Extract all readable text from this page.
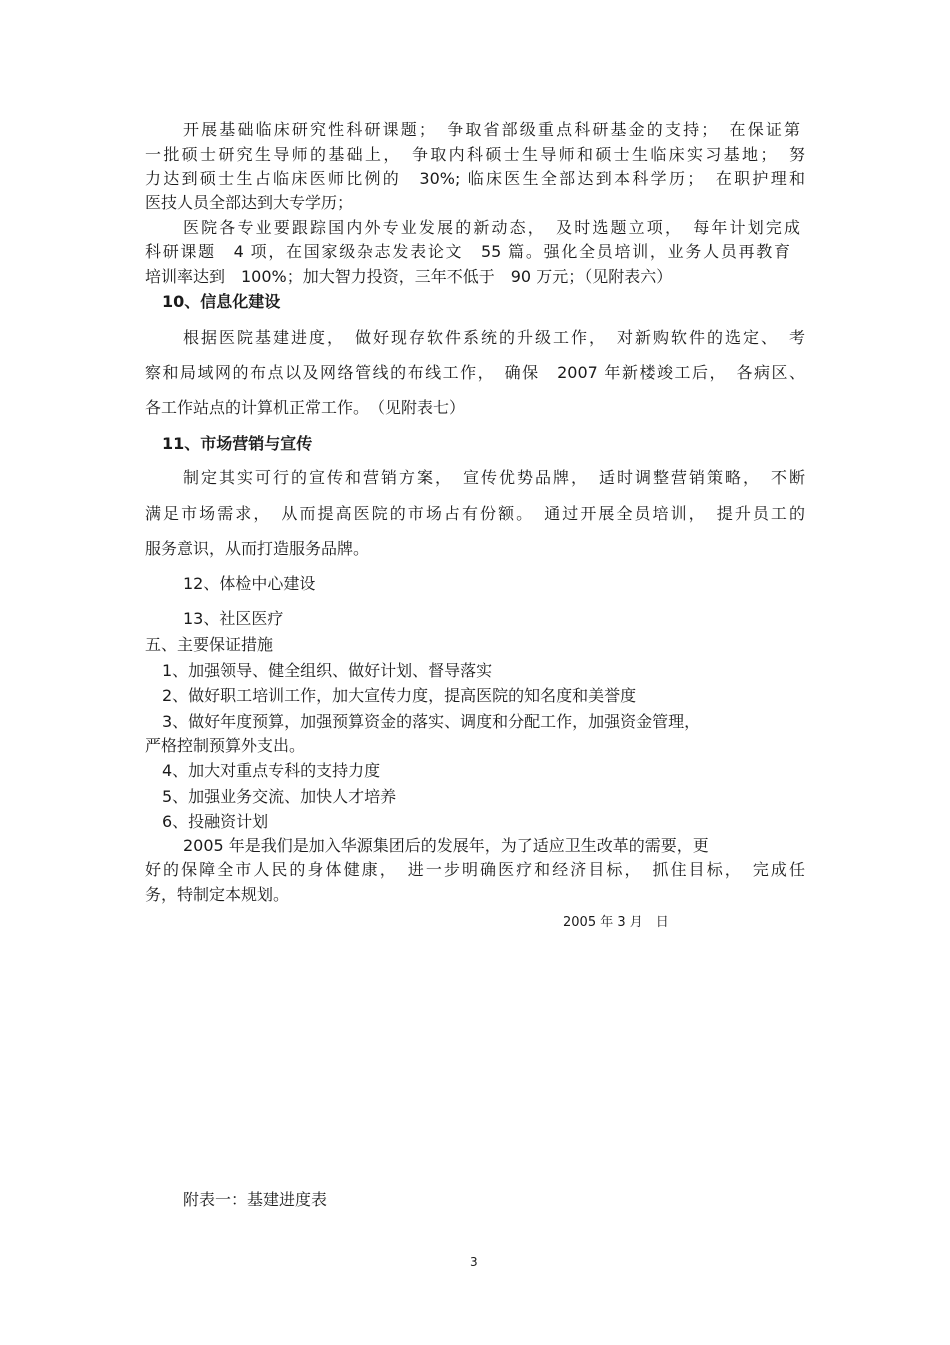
开展基础临床研究性科研课题；　争取省部级重点科研基金的支持；　在保证第

一批硕士研究生导师的基础上，　争取内科硕士生导师和硕士生临床实习基地；　努

力达到硕士生占临床医师比例的　30%; 临床医生全部达到本科学历；　在职护理和

医技人员全部达到大专学历；

医院各专业要跟踪国内外专业发展的新动态，　及时选题立项，　每年计划完成

科研课题　4 项，在国家级杂志发表论文　55 篇。强化全员培训，业务人员再教育

培训率达到　100%；加大智力投资，三年不低于　90 万元；（见附表六）

10、信息化建设

根据医院基建进度，　做好现存软件系统的升级工作，　对新购软件的选定、　考

察和局域网的布点以及网络管线的布线工作，　确保　2007 年新楼竣工后，　各病区、

各工作站点的计算机正常工作。　（见附表七）

11、市场营销与宣传

制定其实可行的宣传和营销方案，　宣传优势品牌，　适时调整营销策略，　不断

满足市场需求，　从而提高医院的市场占有份额。　通过开展全员培训，　提升员工的

服务意识，从而打造服务品牌。

12、体检中心建设

13、社区医疗

五、主要保证措施

1、加强领导、健全组织、做好计划、督导落实

2、做好职工培训工作，加大宣传力度，提高医院的知名度和美誉度

3、做好年度预算，加强预算资金的落实、调度和分配工作，加强资金管理，

严格控制预算外支出。

4、加大对重点专科的支持力度

5、加强业务交流、加快人才培养

6、投融资计划

2005 年是我们是加入华源集团后的发展年，为了适应卫生改革的需要，更

好的保障全市人民的身体健康，　进一步明确医疗和经济目标，　抓住目标，　完成任

务，特制定本规划。

2005 年 3 月　日

附表一：基建进度表

3
